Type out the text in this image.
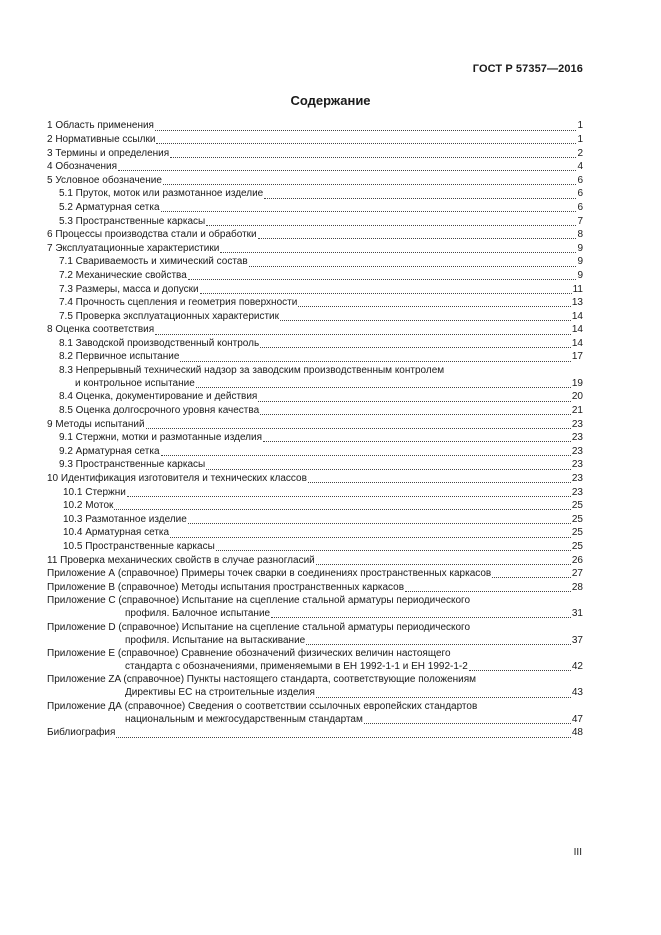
ГОСТ Р 57357—2016
Содержание
1 Область применения	1
2 Нормативные ссылки	1
3 Термины и определения	2
4 Обозначения	4
5 Условное обозначение	6
5.1 Пруток, моток или размотанное изделие	6
5.2 Арматурная сетка	6
5.3 Пространственные каркасы	7
6 Процессы производства стали и обработки	8
7 Эксплуатационные характеристики	9
7.1 Свариваемость и химический состав	9
7.2 Механические свойства	9
7.3 Размеры, масса и допуски	11
7.4 Прочность сцепления и геометрия поверхности	13
7.5 Проверка эксплуатационных характеристик	14
8 Оценка соответствия	14
8.1 Заводской производственный контроль	14
8.2 Первичное испытание	17
8.3 Непрерывный технический надзор за заводским производственным контролем
и контрольное испытание	19
8.4 Оценка, документирование и действия	20
8.5 Оценка долгосрочного уровня качества	21
9 Методы испытаний	23
9.1 Стержни, мотки и размотанные изделия	23
9.2 Арматурная сетка	23
9.3 Пространственные каркасы	23
10 Идентификация изготовителя и технических классов	23
10.1 Стержни	23
10.2 Моток	25
10.3 Размотанное изделие	25
10.4 Арматурная сетка	25
10.5 Пространственные каркасы	25
11 Проверка механических свойств в случае разногласий	26
Приложение А (справочное) Примеры точек сварки в соединениях пространственных каркасов	27
Приложение В (справочное) Методы испытания пространственных каркасов	28
Приложение С (справочное) Испытание на сцепление стальной арматуры периодического
профиля. Балочное испытание	31
Приложение D (справочное) Испытание на сцепление стальной арматуры периодического
профиля. Испытание на вытаскивание	37
Приложение Е (справочное) Сравнение обозначений физических величин настоящего
стандарта с обозначениями, применяемыми в ЕН 1992-1-1 и ЕН 1992-1-2	42
Приложение ZA (справочное) Пункты настоящего стандарта, соответствующие положениям
Директивы ЕС на строительные изделия	43
Приложение ДА (справочное) Сведения о соответствии ссылочных европейских стандартов
национальным и межгосударственным стандартам	47
Библиография	48
III
